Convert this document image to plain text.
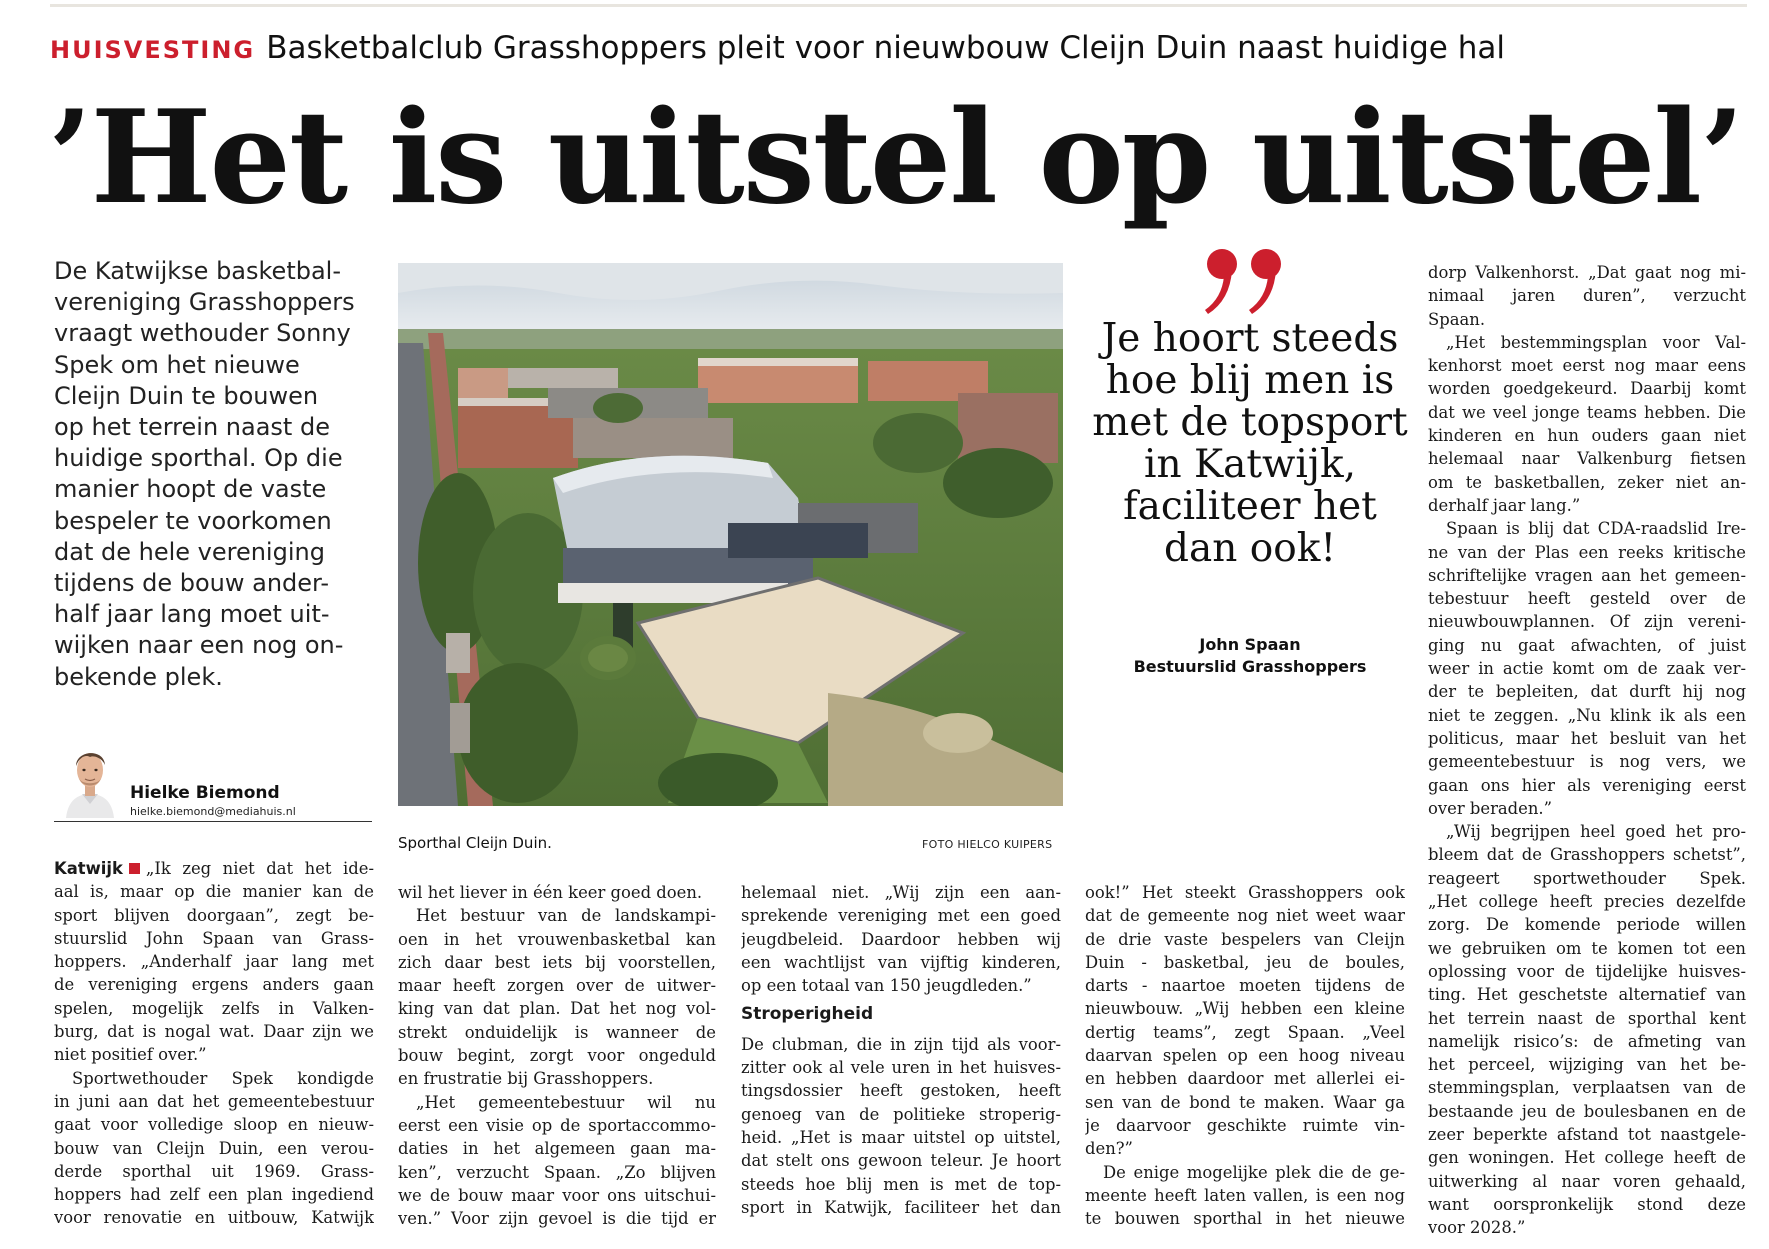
HUISVESTING Basketbalclub Grasshoppers pleit voor nieuwbouw Cleijn Duin naast huidige hal
’Het is uitstel op uitstel’
De Katwijkse basketbal-
vereniging Grasshoppers
vraagt wethouder Sonny
Spek om het nieuwe
Cleijn Duin te bouwen
op het terrein naast de
huidige sporthal. Op die
manier hoopt de vaste
bespeler te voorkomen
dat de hele vereniging
tijdens de bouw ander-
half jaar lang moet uit-
wijken naar een nog on-
bekende plek.
Hielke Biemond
hielke.biemond@mediahuis.nl
Sporthal Cleijn Duin.	FOTO HIELCO KUIPERS
Je hoort steeds
hoe blij men is
met de topsport
in Katwijk,
faciliteer het
dan ook!
John Spaan
Bestuurslid Grasshoppers
Katwijk „Ik zeg niet dat het ide-
aal is, maar op die manier kan de
sport blijven doorgaan”, zegt be-
stuurslid John Spaan van Grass-
hoppers. „Anderhalf jaar lang met
de vereniging ergens anders gaan
spelen, mogelijk zelfs in Valken-
burg, dat is nogal wat. Daar zijn we
niet positief over.”
Sportwethouder Spek kondigde
in juni aan dat het gemeentebestuur
gaat voor volledige sloop en nieuw-
bouw van Cleijn Duin, een verou-
derde sporthal uit 1969. Grass-
hoppers had zelf een plan ingediend
voor renovatie en uitbouw, Katwijk
wil het liever in één keer goed doen.
Het bestuur van de landskampi-
oen in het vrouwenbasketbal kan
zich daar best iets bij voorstellen,
maar heeft zorgen over de uitwer-
king van dat plan. Dat het nog vol-
strekt onduidelijk is wanneer de
bouw begint, zorgt voor ongeduld
en frustratie bij Grasshoppers.
„Het gemeentebestuur wil nu
eerst een visie op de sportaccommo-
daties in het algemeen gaan ma-
ken”, verzucht Spaan. „Zo blijven
we de bouw maar voor ons uitschui-
ven.” Voor zijn gevoel is die tijd er
helemaal niet. „Wij zijn een aan-
sprekende vereniging met een goed
jeugdbeleid. Daardoor hebben wij
een wachtlijst van vijftig kinderen,
op een totaal van 150 jeugdleden.”
Stroperigheid
De clubman, die in zijn tijd als voor-
zitter ook al vele uren in het huisves-
tingsdossier heeft gestoken, heeft
genoeg van de politieke stroperig-
heid. „Het is maar uitstel op uitstel,
dat stelt ons gewoon teleur. Je hoort
steeds hoe blij men is met de top-
sport in Katwijk, faciliteer het dan
ook!” Het steekt Grasshoppers ook
dat de gemeente nog niet weet waar
de drie vaste bespelers van Cleijn
Duin - basketbal, jeu de boules,
darts - naartoe moeten tijdens de
nieuwbouw. „Wij hebben een kleine
dertig teams”, zegt Spaan. „Veel
daarvan spelen op een hoog niveau
en hebben daardoor met allerlei ei-
sen van de bond te maken. Waar ga
je daarvoor geschikte ruimte vin-
den?”
De enige mogelijke plek die de ge-
meente heeft laten vallen, is een nog
te bouwen sporthal in het nieuwe
dorp Valkenhorst. „Dat gaat nog mi-
nimaal jaren duren”, verzucht
Spaan.
„Het bestemmingsplan voor Val-
kenhorst moet eerst nog maar eens
worden goedgekeurd. Daarbij komt
dat we veel jonge teams hebben. Die
kinderen en hun ouders gaan niet
helemaal naar Valkenburg fietsen
om te basketballen, zeker niet an-
derhalf jaar lang.”
Spaan is blij dat CDA-raadslid Ire-
ne van der Plas een reeks kritische
schriftelijke vragen aan het gemeen-
tebestuur heeft gesteld over de
nieuwbouwplannen. Of zijn vereni-
ging nu gaat afwachten, of juist
weer in actie komt om de zaak ver-
der te bepleiten, dat durft hij nog
niet te zeggen. „Nu klink ik als een
politicus, maar het besluit van het
gemeentebestuur is nog vers, we
gaan ons hier als vereniging eerst
over beraden.”
„Wij begrijpen heel goed het pro-
bleem dat de Grasshoppers schetst”,
reageert sportwethouder Spek.
„Het college heeft precies dezelfde
zorg. De komende periode willen
we gebruiken om te komen tot een
oplossing voor de tijdelijke huisves-
ting. Het geschetste alternatief van
het terrein naast de sporthal kent
namelijk risico’s: de afmeting van
het perceel, wijziging van het be-
stemmingsplan, verplaatsen van de
bestaande jeu de boulesbanen en de
zeer beperkte afstand tot naastgele-
gen woningen. Het college heeft de
uitwerking al naar voren gehaald,
want oorspronkelijk stond deze
voor 2028.”
